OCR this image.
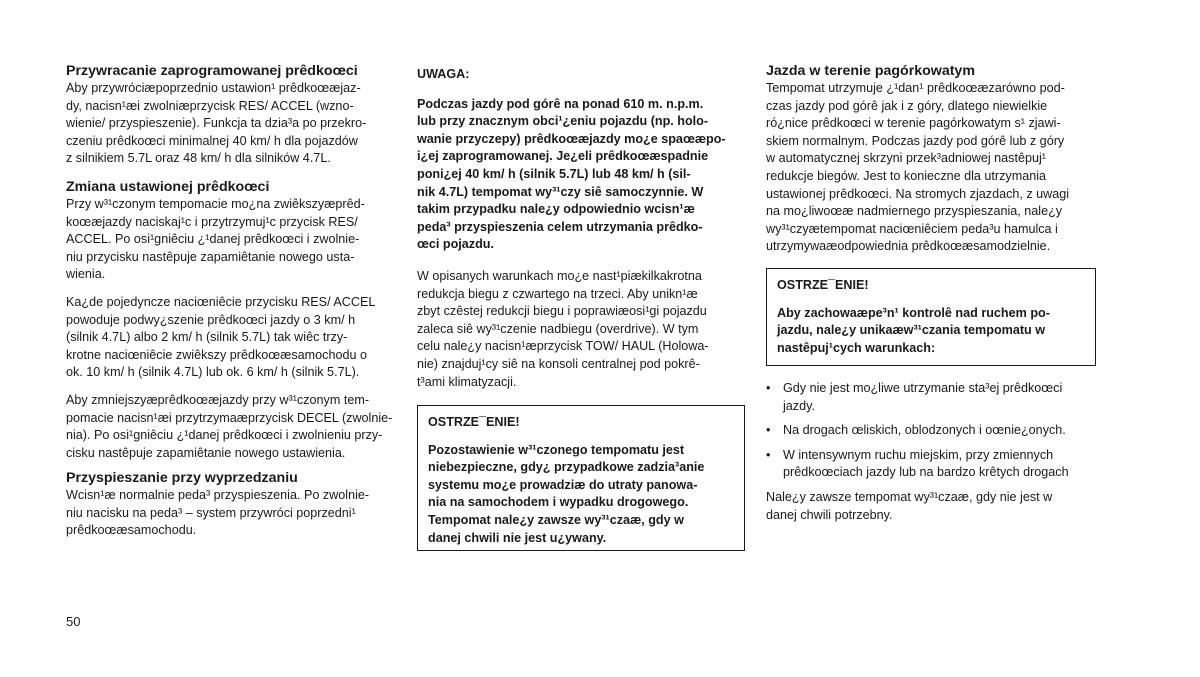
Przywracanie zaprogramowanej prêdkoœci

Aby przywróciæpoprzednio ustawion¹ prêdkoœæjaz-
dy, nacisn¹æi zwolniæprzycisk RES/ ACCEL (wzno-
wienie/ przyspieszenie). Funkcja ta dzia³a po przekro-
czeniu prêdkoœci minimalnej 40 km/ h dla pojazdów
z silnikiem 5.7L oraz 48 km/ h dla silników 4.7L.

Zmiana ustawionej prêdkoœci

Przy w³¹czonym tempomacie mo¿na zwiêkszyæprêd-
koœæjazdy naciskaj¹c i przytrzymuj¹c przycisk RES/
ACCEL. Po osi¹gniêciu ¿¹danej prêdkoœci i zwolnie-
niu przycisku nastêpuje zapamiêtanie nowego usta-
wienia.

Ka¿de pojedyncze naciœniêcie przycisku RES/ ACCEL
powoduje podwy¿szenie prêdkoœci jazdy o 3 km/ h
(silnik 4.7L) albo 2 km/ h (silnik 5.7L) tak wiêc trzy-
krotne naciœniêcie zwiêkszy prêdkoœæsamochodu o
ok. 10 km/ h (silnik 4.7L) lub ok. 6 km/ h (silnik 5.7L).

Aby zmniejszyæprêdkoœæjazdy przy w³¹czonym tem-
pomacie nacisn¹æi przytrzymaæprzycisk DECEL (zwolnie-
nia). Po osi¹gniêciu ¿¹danej prêdkoœci i zwolnieniu przy-
cisku nastêpuje zapamiêtanie nowego ustawienia.

Przyspieszanie przy wyprzedzaniu

Wcisn¹æ normalnie peda³ przyspieszenia. Po zwolnie-
niu nacisku na peda³ – system przywróci poprzedni¹
prêdkoœæsamochodu.

UWAGA:

Podczas jazdy pod górê na ponad 610 m. n.p.m.
lub przy znacznym obci¹¿eniu pojazdu (np. holo-
wanie przyczepy) prêdkoœæjazdy mo¿e spaœæpo-
i¿ej zaprogramowanej. Je¿eli prêdkoœæspadnie
poni¿ej 40 km/ h (silnik 5.7L) lub 48 km/ h (sil-
nik 4.7L) tempomat wy³¹czy siê samoczynnie. W
takim przypadku nale¿y odpowiednio wcisn¹æ
peda³ przyspieszenia celem utrzymania prêdko-
œci pojazdu.

W opisanych warunkach mo¿e nast¹piækilkakrotna
redukcja biegu z czwartego na trzeci. Aby unikn¹æ
zbyt czêstej redukcji biegu i poprawiæosi¹gi pojazdu
zaleca siê wy³¹czenie nadbiegu (overdrive). W tym
celu nale¿y nacisn¹æprzycisk TOW/ HAUL (Holowa-
nie) znajduj¹cy siê na konsoli centralnej pod pokrê-
t³ami klimatyzacji.

OSTRZE¯ENIE!

Pozostawienie w³¹czonego tempomatu jest
niebezpieczne, gdy¿ przypadkowe zadzia³anie
systemu mo¿e prowadziæ do utraty panowa-
nia na samochodem i wypadku drogowego.
Tempomat nale¿y zawsze wy³¹czaæ, gdy w
danej chwili nie jest u¿ywany.

Jazda w terenie pagórkowatym

Tempomat utrzymuje ¿¹dan¹ prêdkoœæzarówno pod-
czas jazdy pod górê jak i z góry, dlatego niewielkie
ró¿nice prêdkoœci w terenie pagórkowatym s¹ zjawi-
skiem normalnym. Podczas jazdy pod górê lub z góry
w automatycznej skrzyni przek³adniowej nastêpuj¹
redukcje biegów. Jest to konieczne dla utrzymania
ustawionej prêdkoœci. Na stromych zjazdach, z uwagi
na mo¿liwoœæ nadmiernego przyspieszania, nale¿y
wy³¹czyætempomat naciœniêciem peda³u hamulca i
utrzymywaæodpowiednia prêdkoœæsamodzielnie.

OSTRZE¯ENIE!

Aby zachowaæpe³n¹ kontrolê nad ruchem po-
jazdu, nale¿y unikaæw³¹czania tempomatu w
nastêpuj¹cych warunkach:

• Gdy nie jest mo¿liwe utrzymanie sta³ej prêdkoœci
jazdy.
• Na drogach œliskich, oblodzonych i oœnie¿onych.
• W intensywnym ruchu miejskim, przy zmiennych
prêdkoœciach jazdy lub na bardzo krêtych drogach

Nale¿y zawsze tempomat wy³¹czaæ, gdy nie jest w
danej chwili potrzebny.

50
